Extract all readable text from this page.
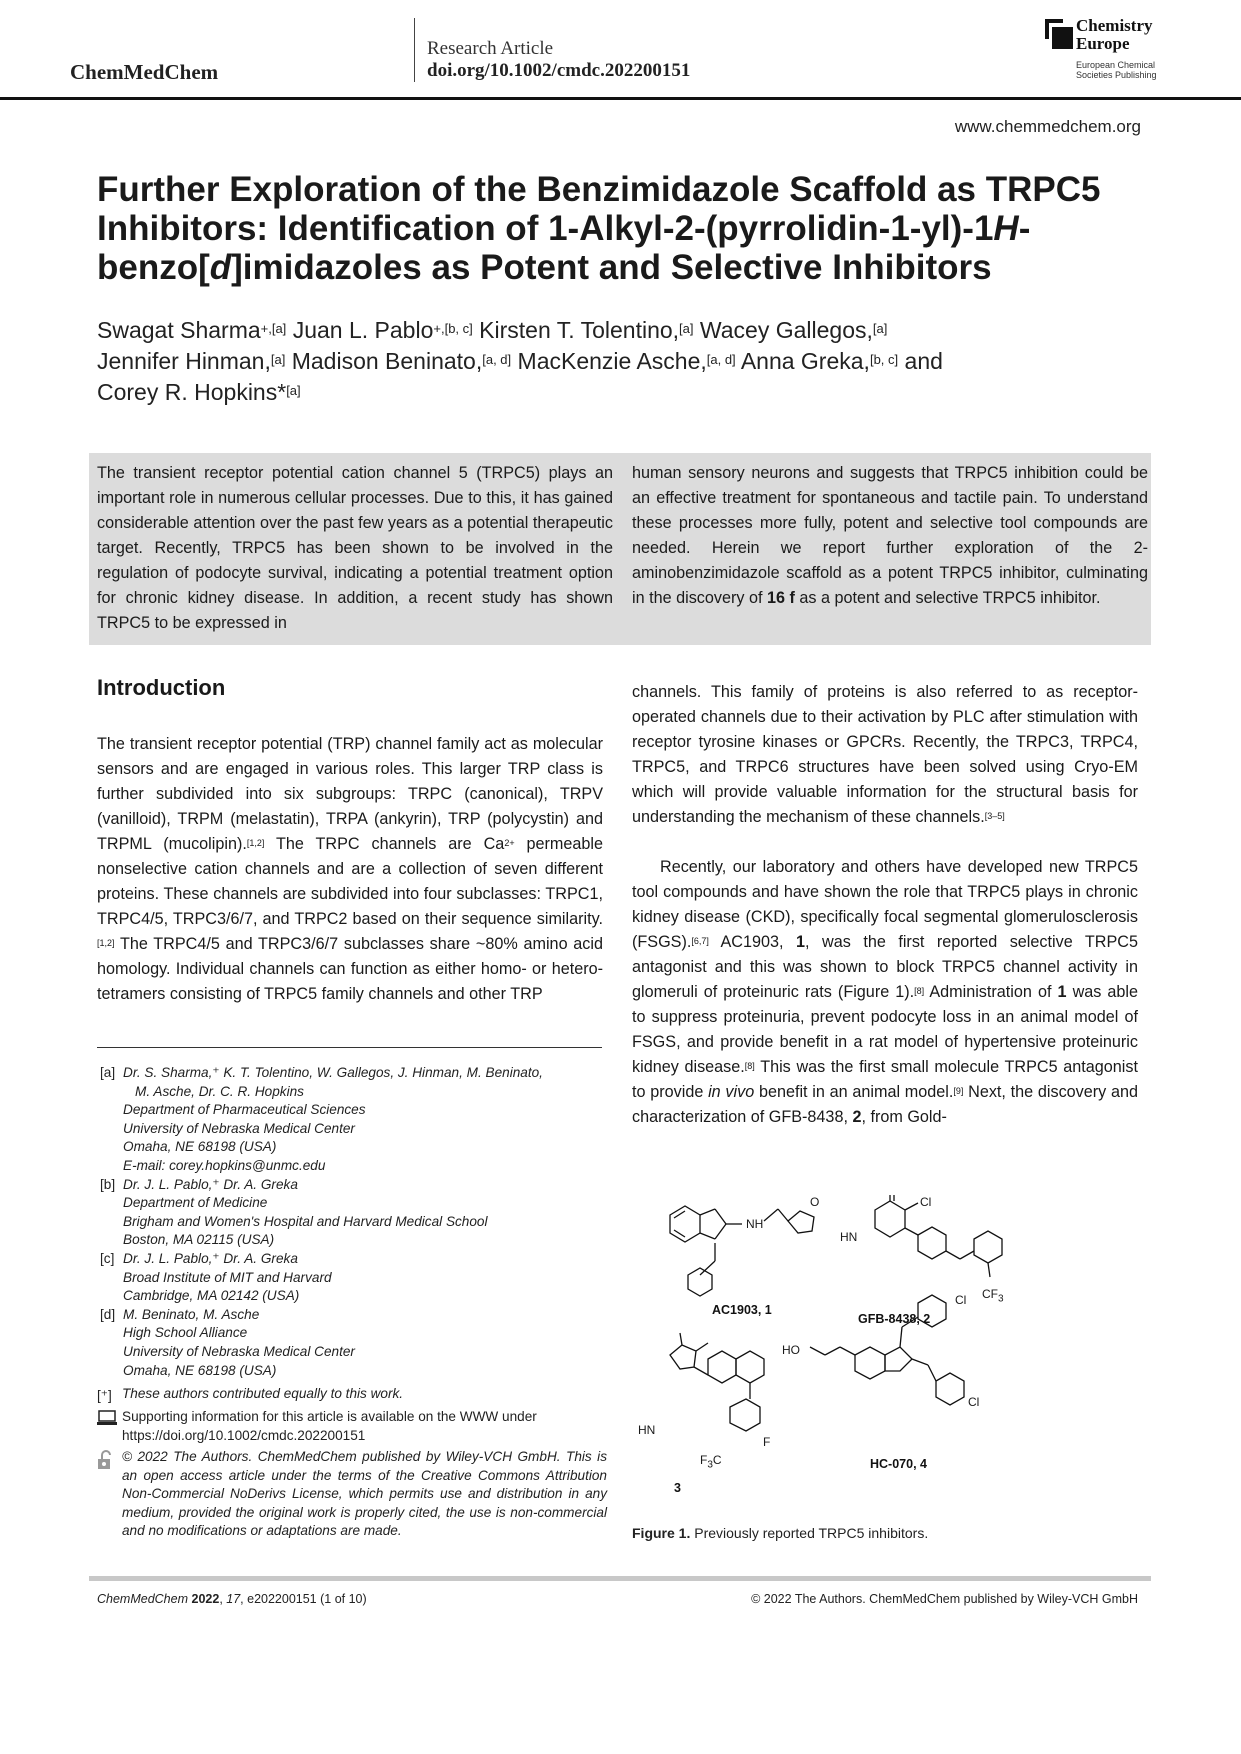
ChemMedChem
Research Article
doi.org/10.1002/cmdc.202200151
Chemistry
Europe
European Chemical
Societies Publishing
www.chemmedchem.org
Further Exploration of the Benzimidazole Scaffold as TRPC5
Inhibitors: Identification of 1-Alkyl-2-(pyrrolidin-1-yl)-1H-
benzo[d]imidazoles as Potent and Selective Inhibitors
Swagat Sharma$^{+,[a]}$ Juan L. Pablo$^{+,[b, c]}$ Kirsten T. Tolentino,[a] Wacey Gallegos,[a]
Jennifer Hinman,[a] Madison Beninato,[a, d] MacKenzie Asche,[a, d] Anna Greka,[b, c] and
Corey R. Hopkins*[a]
The transient receptor potential cation channel 5 (TRPC5) plays an important role in numerous cellular processes. Due to this, it has gained considerable attention over the past few years as a potential therapeutic target. Recently, TRPC5 has been shown to be involved in the regulation of podocyte survival, indicating a potential treatment option for chronic kidney disease. In addition, a recent study has shown TRPC5 to be expressed in
human sensory neurons and suggests that TRPC5 inhibition could be an effective treatment for spontaneous and tactile pain. To understand these processes more fully, potent and selective tool compounds are needed. Herein we report further exploration of the 2-aminobenzimidazole scaffold as a potent TRPC5 inhibitor, culminating in the discovery of 16 f as a potent and selective TRPC5 inhibitor.
Introduction

The transient receptor potential (TRP) channel family act as molecular sensors and are engaged in various roles. This larger TRP class is further subdivided into six subgroups: TRPC (canonical), TRPV (vanilloid), TRPM (melastatin), TRPA (ankyrin), TRP (polycystin) and TRPML (mucolipin).[1,2] The TRPC channels are $Ca^{2+}$ permeable nonselective cation channels and are a collection of seven different proteins. These channels are subdivided into four subclasses: TRPC1, TRPC4/5, TRPC3/6/7, and TRPC2 based on their sequence similarity.[1,2] The TRPC4/5 and TRPC3/6/7 subclasses share ~80% amino acid homology. Individual channels can function as either homo- or hetero-tetramers consisting of TRPC5 family channels and other TRP

channels. This family of proteins is also referred to as receptor-operated channels due to their activation by PLC after stimulation with receptor tyrosine kinases or GPCRs. Recently, the TRPC3, TRPC4, TRPC5, and TRPC6 structures have been solved using Cryo-EM which will provide valuable information for the structural basis for understanding the mechanism of these channels.[3–5]

Recently, our laboratory and others have developed new TRPC5 tool compounds and have shown the role that TRPC5 plays in chronic kidney disease (CKD), specifically focal segmental glomerulosclerosis (FSGS).[6,7] AC1903, 1, was the first reported selective TRPC5 antagonist and this was shown to block TRPC5 channel activity in glomeruli of proteinuric rats (Figure 1).[8] Administration of 1 was able to suppress proteinuria, prevent podocyte loss in an animal model of FSGS, and provide benefit in a rat model of hypertensive proteinuric kidney disease.[8] This was the first small molecule TRPC5 antagonist to provide in vivo benefit in an animal model.[9] Next, the discovery and characterization of GFB-8438, 2, from Gold-

[a] Dr. S. Sharma,⁺ K. T. Tolentino, W. Gallegos, J. Hinman, M. Beninato,
M. Asche, Dr. C. R. Hopkins
Department of Pharmaceutical Sciences
University of Nebraska Medical Center
Omaha, NE 68198 (USA)
E-mail: corey.hopkins@unmc.edu
[b] Dr. J. L. Pablo,⁺ Dr. A. Greka
Department of Medicine
Brigham and Women's Hospital and Harvard Medical School
Boston, MA 02115 (USA)
[c] Dr. J. L. Pablo,⁺ Dr. A. Greka
Broad Institute of MIT and Harvard
Cambridge, MA 02142 (USA)
[d] M. Beninato, M. Asche
High School Alliance
University of Nebraska Medical Center
Omaha, NE 68198 (USA)
[⁺] These authors contributed equally to this work.
Supporting information for this article is available on the WWW under https://doi.org/10.1002/cmdc.202200151
© 2022 The Authors. ChemMedChem published by Wiley-VCH GmbH. This is an open access article under the terms of the Creative Commons Attribution Non-Commercial NoDerivs License, which permits use and distribution in any medium, provided the original work is properly cited, the use is non-commercial and no modifications or adaptations are made.
AC1903, 1
GFB-8438, 2
3
HC-070, 4
NH
O
HN
Cl
$CF_3$
HN
$F_3C$
F
HO
Cl
Cl
Figure 1. Previously reported TRPC5 inhibitors.
ChemMedChem 2022, 17, e202200151 (1 of 10)	© 2022 The Authors. ChemMedChem published by Wiley-VCH GmbH
